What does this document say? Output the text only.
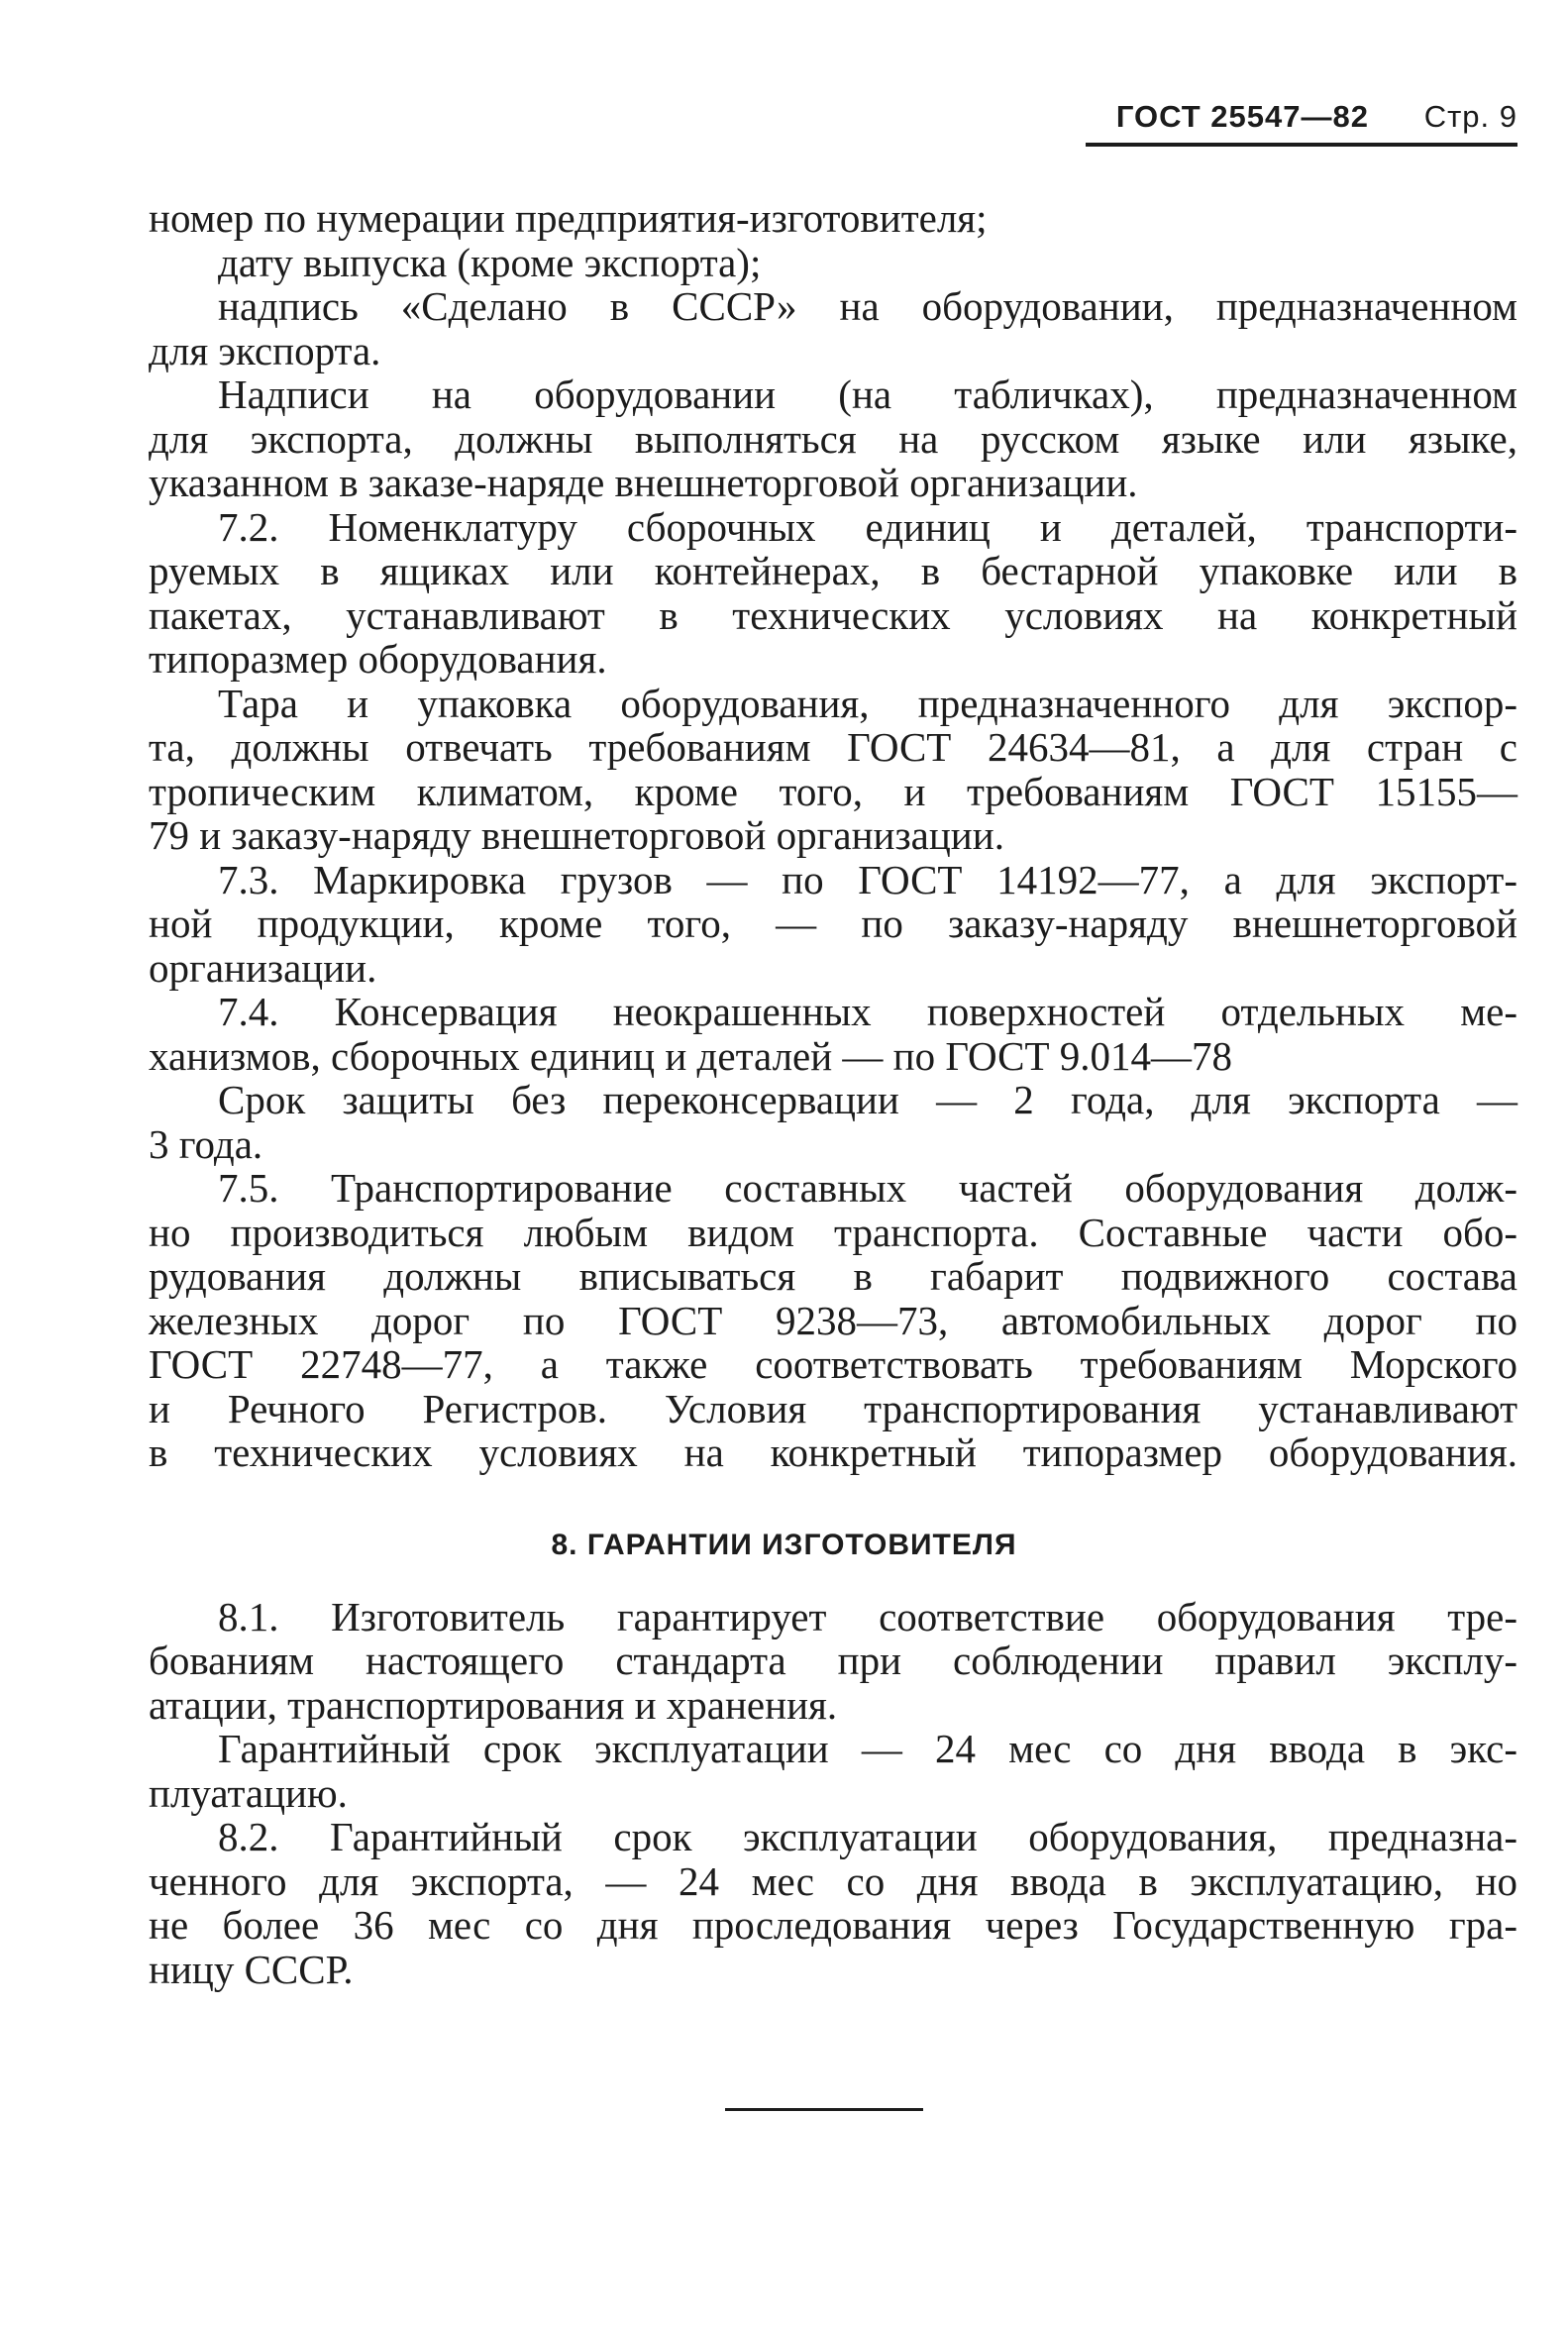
ГОСТ 25547—82 Стр. 9
номер по нумерации предприятия-изготовителя;
дату выпуска (кроме экспорта);
надпись «Сделано в СССР» на оборудовании, предназначенном
для экспорта.
Надписи на оборудовании (на табличках), предназначенном
для экспорта, должны выполняться на русском языке или языке,
указанном в заказе-наряде внешнеторговой организации.
7.2. Номенклатуру сборочных единиц и деталей, транспорти-
руемых в ящиках или контейнерах, в бестарной упаковке или в
пакетах, устанавливают в технических условиях на конкретный
типоразмер оборудования.
Тара и упаковка оборудования, предназначенного для экспор-
та, должны отвечать требованиям ГОСТ 24634—81, а для стран с
тропическим климатом, кроме того, и требованиям ГОСТ 15155—
79 и заказу-наряду внешнеторговой организации.
7.3. Маркировка грузов — по ГОСТ 14192—77, а для экспорт-
ной продукции, кроме того, — по заказу-наряду внешнеторговой
организации.
7.4. Консервация неокрашенных поверхностей отдельных ме-
ханизмов, сборочных единиц и деталей — по ГОСТ 9.014—78
Срок защиты без переконсервации — 2 года, для экспорта —
3 года.
7.5. Транспортирование составных частей оборудования долж-
но производиться любым видом транспорта. Составные части обо-
рудования должны вписываться в габарит подвижного состава
железных дорог по ГОСТ 9238—73, автомобильных дорог по
ГОСТ 22748—77, а также соответствовать требованиям Морского
и Речного Регистров. Условия транспортирования устанавливают
в технических условиях на конкретный типоразмер оборудования.
8. ГАРАНТИИ ИЗГОТОВИТЕЛЯ
8.1. Изготовитель гарантирует соответствие оборудования тре-
бованиям настоящего стандарта при соблюдении правил эксплу-
атации, транспортирования и хранения.
Гарантийный срок эксплуатации — 24 мес со дня ввода в экс-
плуатацию.
8.2. Гарантийный срок эксплуатации оборудования, предназна-
ченного для экспорта, — 24 мес со дня ввода в эксплуатацию, но
не более 36 мес со дня проследования через Государственную гра-
ницу СССР.
